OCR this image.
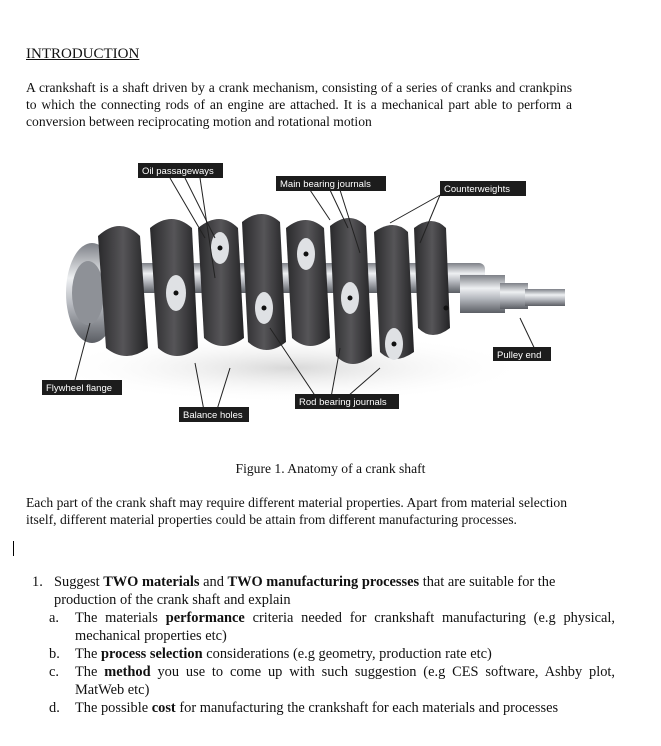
INTRODUCTION
A crankshaft is a shaft driven by a crank mechanism, consisting of a series of cranks and crankpins to which the connecting rods of an engine are attached. It is a mechanical part able to perform a conversion between reciprocating motion and rotational motion
Oil passageways
Main bearing journals	Counterweights
Pulley end
Flywheel flange
Balance holes
Rod bearing journals
Figure 1. Anatomy of a crank shaft
Each part of the crank shaft may require different material properties. Apart from material selection itself, different material properties could be attain from different manufacturing processes.
1. Suggest TWO materials and TWO manufacturing processes that are suitable for the production of the crank shaft and explain
a. The materials performance criteria needed for crankshaft manufacturing (e.g physical, mechanical properties etc)
b. The process selection considerations (e.g geometry, production rate etc)
c. The method you use to come up with such suggestion (e.g CES software, Ashby plot, MatWeb etc)
d. The possible cost for manufacturing the crankshaft for each materials and processes
